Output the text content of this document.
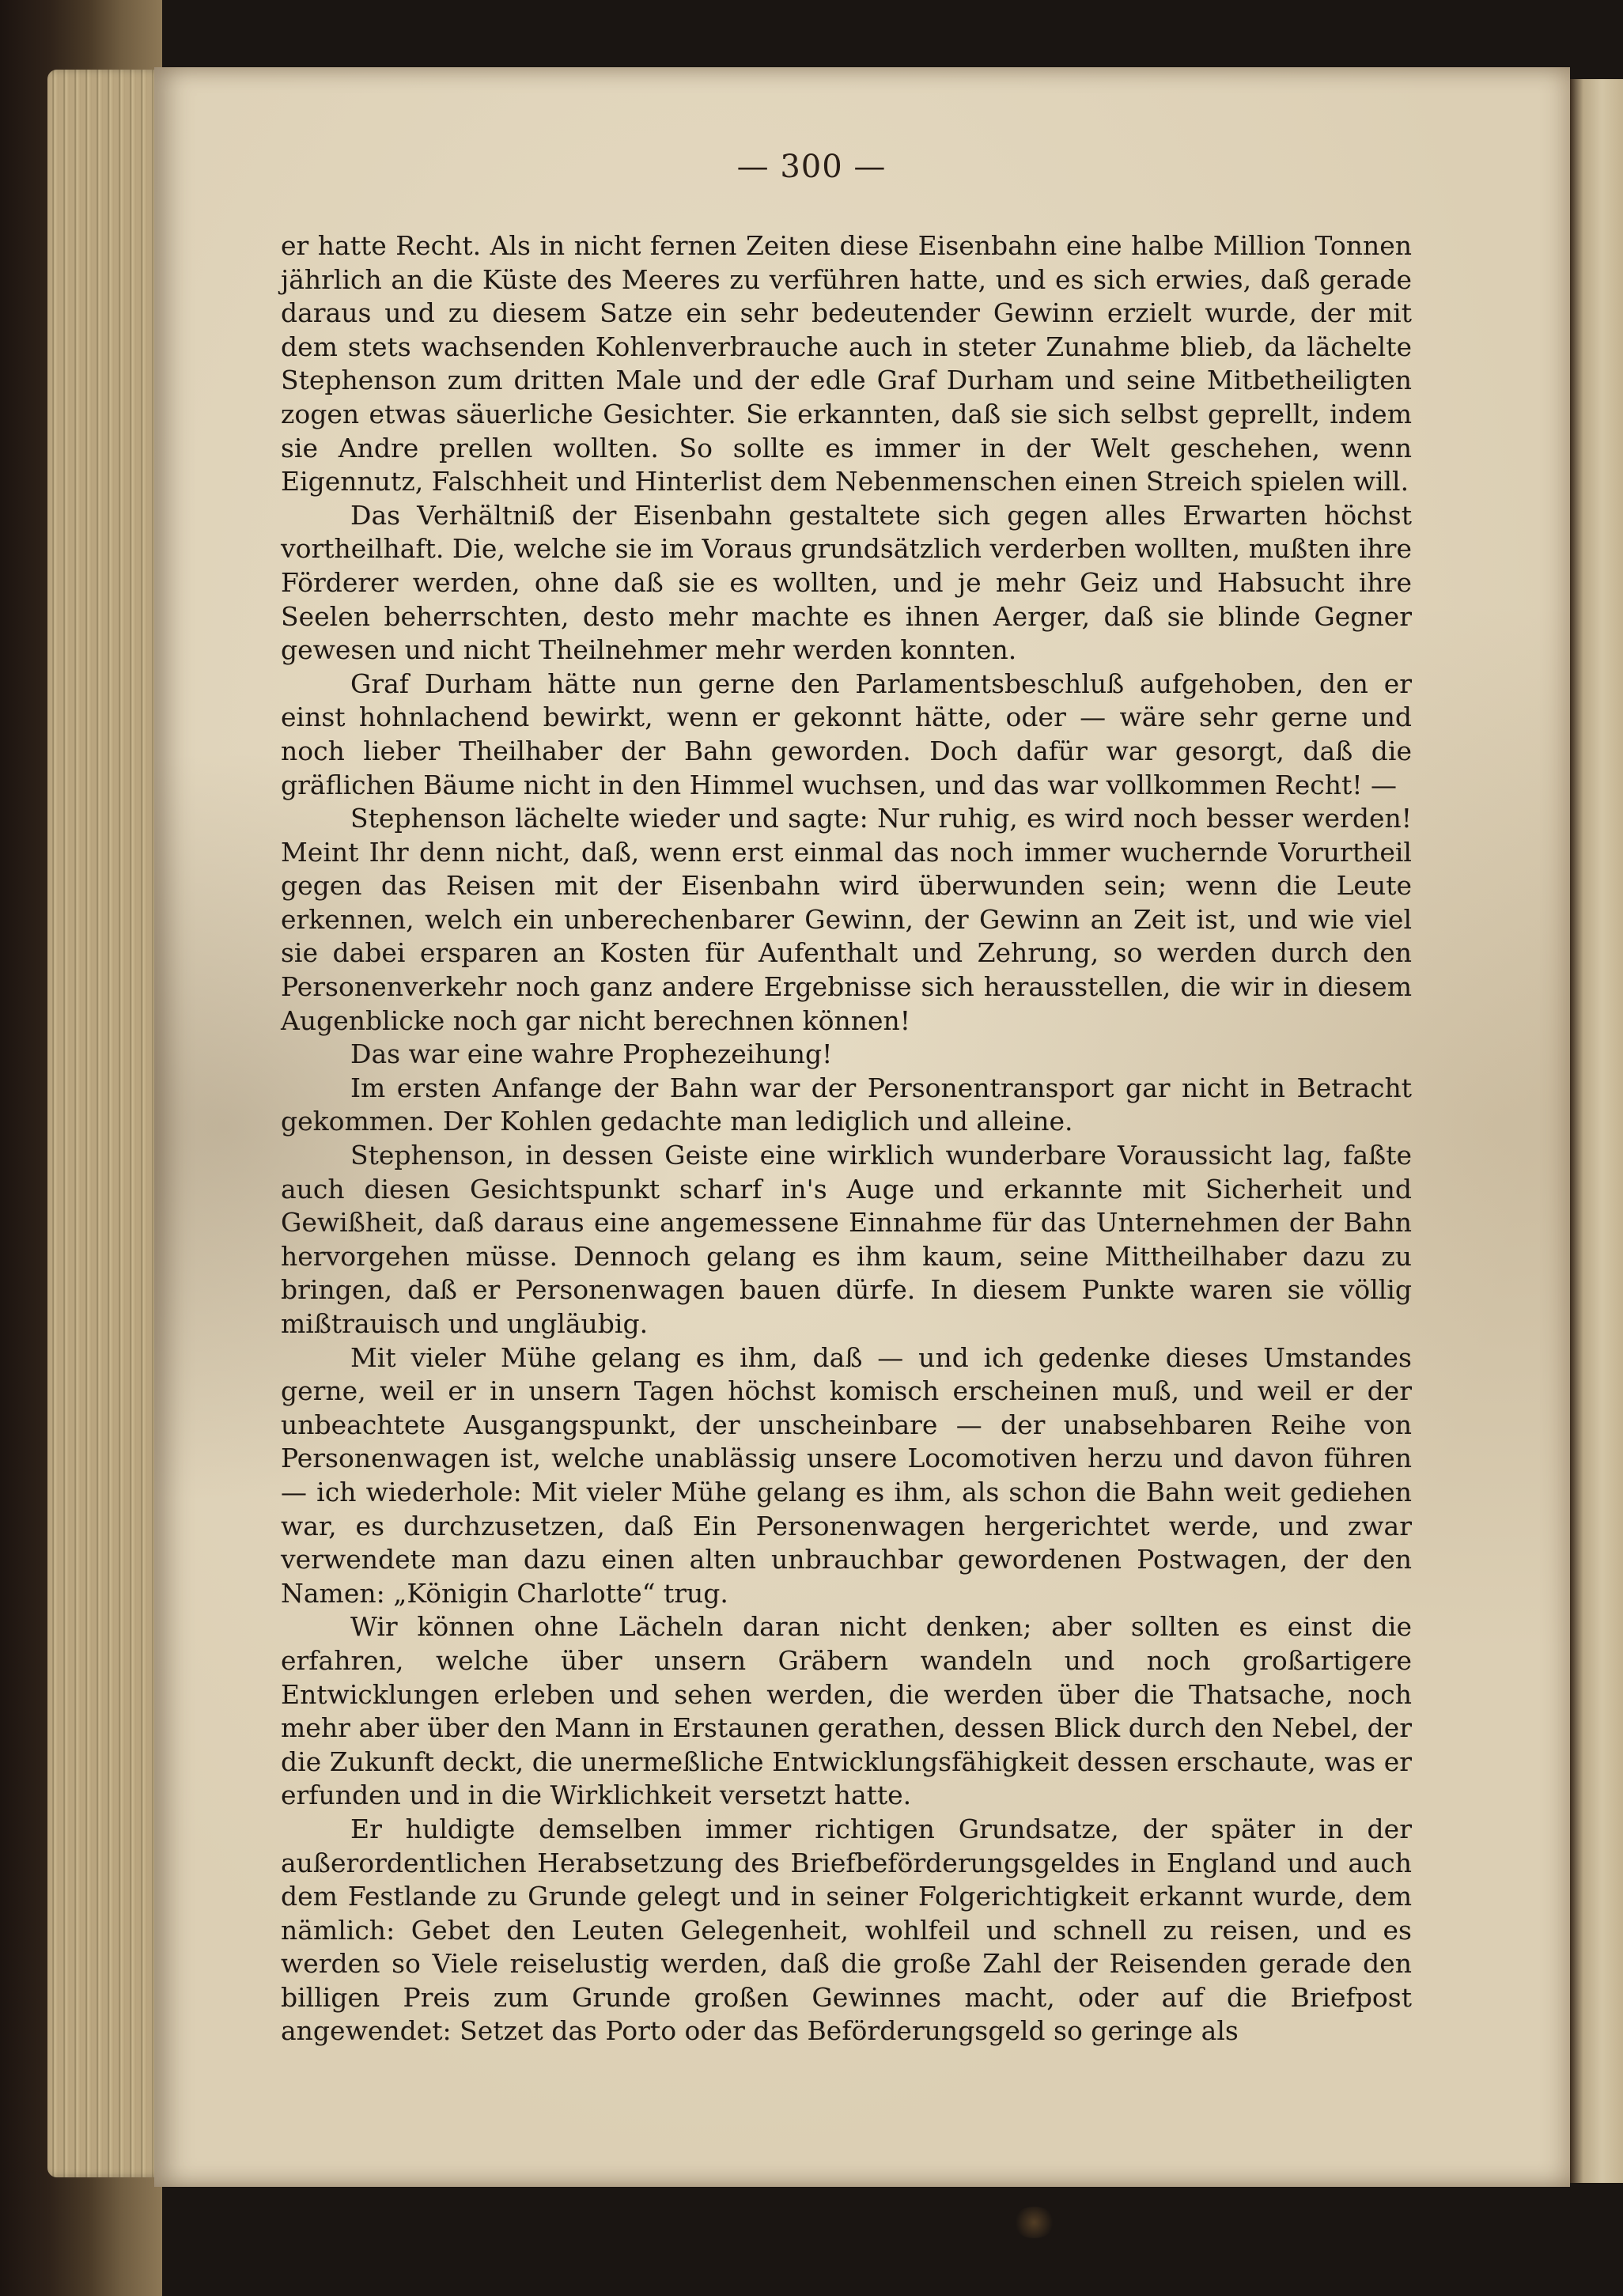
— 300 —

er hatte Recht. Als in nicht fernen Zeiten diese Eisenbahn eine halbe Million Tonnen jährlich an die Küste des Meeres zu verführen hatte, und es sich erwies, daß gerade daraus und zu diesem Satze ein sehr bedeutender Gewinn erzielt wurde, der mit dem stets wachsenden Kohlenverbrauche auch in steter Zunahme blieb, da lächelte Stephenson zum dritten Male und der edle Graf Durham und seine Mitbetheiligten zogen etwas säuerliche Gesichter. Sie erkannten, daß sie sich selbst geprellt, indem sie Andre prellen wollten. So sollte es immer in der Welt geschehen, wenn Eigennutz, Falschheit und Hinterlist dem Nebenmenschen einen Streich spielen will.

Das Verhältniß der Eisenbahn gestaltete sich gegen alles Erwarten höchst vortheilhaft. Die, welche sie im Voraus grundsätzlich verderben wollten, mußten ihre Förderer werden, ohne daß sie es wollten, und je mehr Geiz und Habsucht ihre Seelen beherrschten, desto mehr machte es ihnen Aerger, daß sie blinde Gegner gewesen und nicht Theilnehmer mehr werden konnten.

Graf Durham hätte nun gerne den Parlamentsbeschluß aufgehoben, den er einst hohnlachend bewirkt, wenn er gekonnt hätte, oder — wäre sehr gerne und noch lieber Theilhaber der Bahn geworden. Doch dafür war gesorgt, daß die gräflichen Bäume nicht in den Himmel wuchsen, und das war vollkommen Recht! —

Stephenson lächelte wieder und sagte: Nur ruhig, es wird noch besser werden! Meint Ihr denn nicht, daß, wenn erst einmal das noch immer wuchernde Vorurtheil gegen das Reisen mit der Eisenbahn wird überwunden sein; wenn die Leute erkennen, welch ein unberechenbarer Gewinn, der Gewinn an Zeit ist, und wie viel sie dabei ersparen an Kosten für Aufenthalt und Zehrung, so werden durch den Personenverkehr noch ganz andere Ergebnisse sich herausstellen, die wir in diesem Augenblicke noch gar nicht berechnen können!

Das war eine wahre Prophezeihung!

Im ersten Anfange der Bahn war der Personentransport gar nicht in Betracht gekommen. Der Kohlen gedachte man lediglich und alleine.

Stephenson, in dessen Geiste eine wirklich wunderbare Voraussicht lag, faßte auch diesen Gesichtspunkt scharf in's Auge und erkannte mit Sicherheit und Gewißheit, daß daraus eine angemessene Einnahme für das Unternehmen der Bahn hervorgehen müsse. Dennoch gelang es ihm kaum, seine Mittheilhaber dazu zu bringen, daß er Personenwagen bauen dürfe. In diesem Punkte waren sie völlig mißtrauisch und ungläubig.

Mit vieler Mühe gelang es ihm, daß — und ich gedenke dieses Umstandes gerne, weil er in unsern Tagen höchst komisch erscheinen muß, und weil er der unbeachtete Ausgangspunkt, der unscheinbare — der unabsehbaren Reihe von Personenwagen ist, welche unablässig unsere Locomotiven herzu und davon führen — ich wiederhole: Mit vieler Mühe gelang es ihm, als schon die Bahn weit gediehen war, es durchzusetzen, daß Ein Personenwagen hergerichtet werde, und zwar verwendete man dazu einen alten unbrauchbar gewordenen Postwagen, der den Namen: „Königin Charlotte“ trug.

Wir können ohne Lächeln daran nicht denken; aber sollten es einst die erfahren, welche über unsern Gräbern wandeln und noch großartigere Entwicklungen erleben und sehen werden, die werden über die Thatsache, noch mehr aber über den Mann in Erstaunen gerathen, dessen Blick durch den Nebel, der die Zukunft deckt, die unermeßliche Entwicklungsfähigkeit dessen erschaute, was er erfunden und in die Wirklichkeit versetzt hatte.

Er huldigte demselben immer richtigen Grundsatze, der später in der außerordentlichen Herabsetzung des Briefbeförderungsgeldes in England und auch dem Festlande zu Grunde gelegt und in seiner Folgerichtigkeit erkannt wurde, dem nämlich: Gebet den Leuten Gelegenheit, wohlfeil und schnell zu reisen, und es werden so Viele reiselustig werden, daß die große Zahl der Reisenden gerade den billigen Preis zum Grunde großen Gewinnes macht, oder auf die Briefpost angewendet: Setzet das Porto oder das Beförderungsgeld so geringe als
